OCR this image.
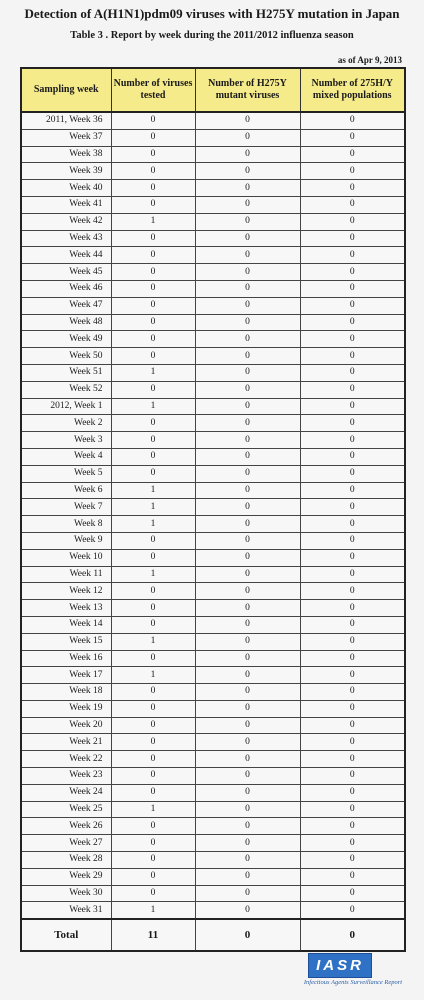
Detection of A(H1N1)pdm09 viruses with H275Y mutation in Japan
Table 3 . Report by week during the 2011/2012 influenza season
as of Apr 9, 2013
Sampling week	Number of viruses tested	Number of H275Y mutant viruses	Number of 275H/Y mixed populations
2011, Week 36	0	0	0
Week 37	0	0	0
Week 38	0	0	0
Week 39	0	0	0
Week 40	0	0	0
Week 41	0	0	0
Week 42	1	0	0
Week 43	0	0	0
Week 44	0	0	0
Week 45	0	0	0
Week 46	0	0	0
Week 47	0	0	0
Week 48	0	0	0
Week 49	0	0	0
Week 50	0	0	0
Week 51	1	0	0
Week 52	0	0	0
2012, Week 1	1	0	0
Week 2	0	0	0
Week 3	0	0	0
Week 4	0	0	0
Week 5	0	0	0
Week 6	1	0	0
Week 7	1	0	0
Week 8	1	0	0
Week 9	0	0	0
Week 10	0	0	0
Week 11	1	0	0
Week 12	0	0	0
Week 13	0	0	0
Week 14	0	0	0
Week 15	1	0	0
Week 16	0	0	0
Week 17	1	0	0
Week 18	0	0	0
Week 19	0	0	0
Week 20	0	0	0
Week 21	0	0	0
Week 22	0	0	0
Week 23	0	0	0
Week 24	0	0	0
Week 25	1	0	0
Week 26	0	0	0
Week 27	0	0	0
Week 28	0	0	0
Week 29	0	0	0
Week 30	0	0	0
Week 31	1	0	0
Total	11	0	0
IASR
Infectious Agents Surveillance Report
